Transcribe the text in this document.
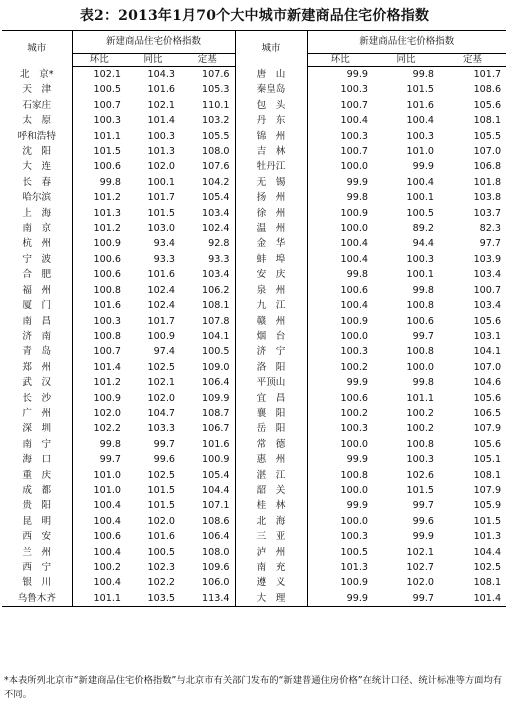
表2：2013年1月70个大中城市新建商品住宅价格指数
城市	新建商品住宅价格指数			城市	新建商品住宅价格指数		
	环比	同比	定基		环比	同比	定基
北　京*	102.1	104.3	107.6	唐　山	99.9	99.8	101.7
天　津	100.5	101.6	105.3	秦皇岛	100.3	101.5	108.6
石家庄	100.7	102.1	110.1	包　头	100.7	101.6	105.6
太　原	100.3	101.4	103.2	丹　东	100.4	100.4	108.1
呼和浩特	101.1	100.3	105.5	锦　州	100.3	100.3	105.5
沈　阳	101.5	101.3	108.0	吉　林	100.7	101.0	107.0
大　连	100.6	102.0	107.6	牡丹江	100.0	99.9	106.8
长　春	99.8	100.1	104.2	无　锡	99.9	100.4	101.8
哈尔滨	101.2	101.7	105.4	扬　州	99.8	100.1	103.8
上　海	101.3	101.5	103.4	徐　州	100.9	100.5	103.7
南　京	101.2	103.0	102.4	温　州	100.0	89.2	82.3
杭　州	100.9	93.4	92.8	金　华	100.4	94.4	97.7
宁　波	100.6	93.3	93.3	蚌　埠	100.4	100.3	103.9
合　肥	100.6	101.6	103.4	安　庆	99.8	100.1	103.4
福　州	100.8	102.4	106.2	泉　州	100.6	99.8	100.7
厦　门	101.6	102.4	108.1	九　江	100.4	100.8	103.4
南　昌	100.3	101.7	107.8	赣　州	100.9	100.6	105.6
济　南	100.8	100.9	104.1	烟　台	100.0	99.7	103.1
青　岛	100.7	97.4	100.5	济　宁	100.3	100.8	104.1
郑　州	101.4	102.5	109.0	洛　阳	100.2	100.0	107.0
武　汉	101.2	102.1	106.4	平顶山	99.9	99.8	104.6
长　沙	100.9	102.0	109.9	宜　昌	100.6	101.1	105.6
广　州	102.0	104.7	108.7	襄　阳	100.2	100.2	106.5
深　圳	102.2	103.3	106.7	岳　阳	100.3	100.2	107.9
南　宁	99.8	99.7	101.6	常　德	100.0	100.8	105.6
海　口	99.7	99.6	100.9	惠　州	99.9	100.3	105.1
重　庆	101.0	102.5	105.4	湛　江	100.8	102.6	108.1
成　都	101.0	101.5	104.4	韶　关	100.0	101.5	107.9
贵　阳	100.4	101.5	107.1	桂　林	99.9	99.7	105.9
昆　明	100.4	102.0	108.6	北　海	100.0	99.6	101.5
西　安	100.6	101.6	106.4	三　亚	100.3	99.9	101.3
兰　州	100.4	100.5	108.0	泸　州	100.5	102.1	104.4
西　宁	100.2	102.3	109.6	南　充	101.3	102.7	102.5
银　川	100.4	102.2	106.0	遵　义	100.9	102.0	108.1
乌鲁木齐	101.1	103.5	113.4	大　理	99.9	99.7	101.4
*本表所列北京市“新建商品住宅价格指数”与北京市有关部门发布的“新建普通住房价格”在统计口径、统计标准等方面均有不同。
